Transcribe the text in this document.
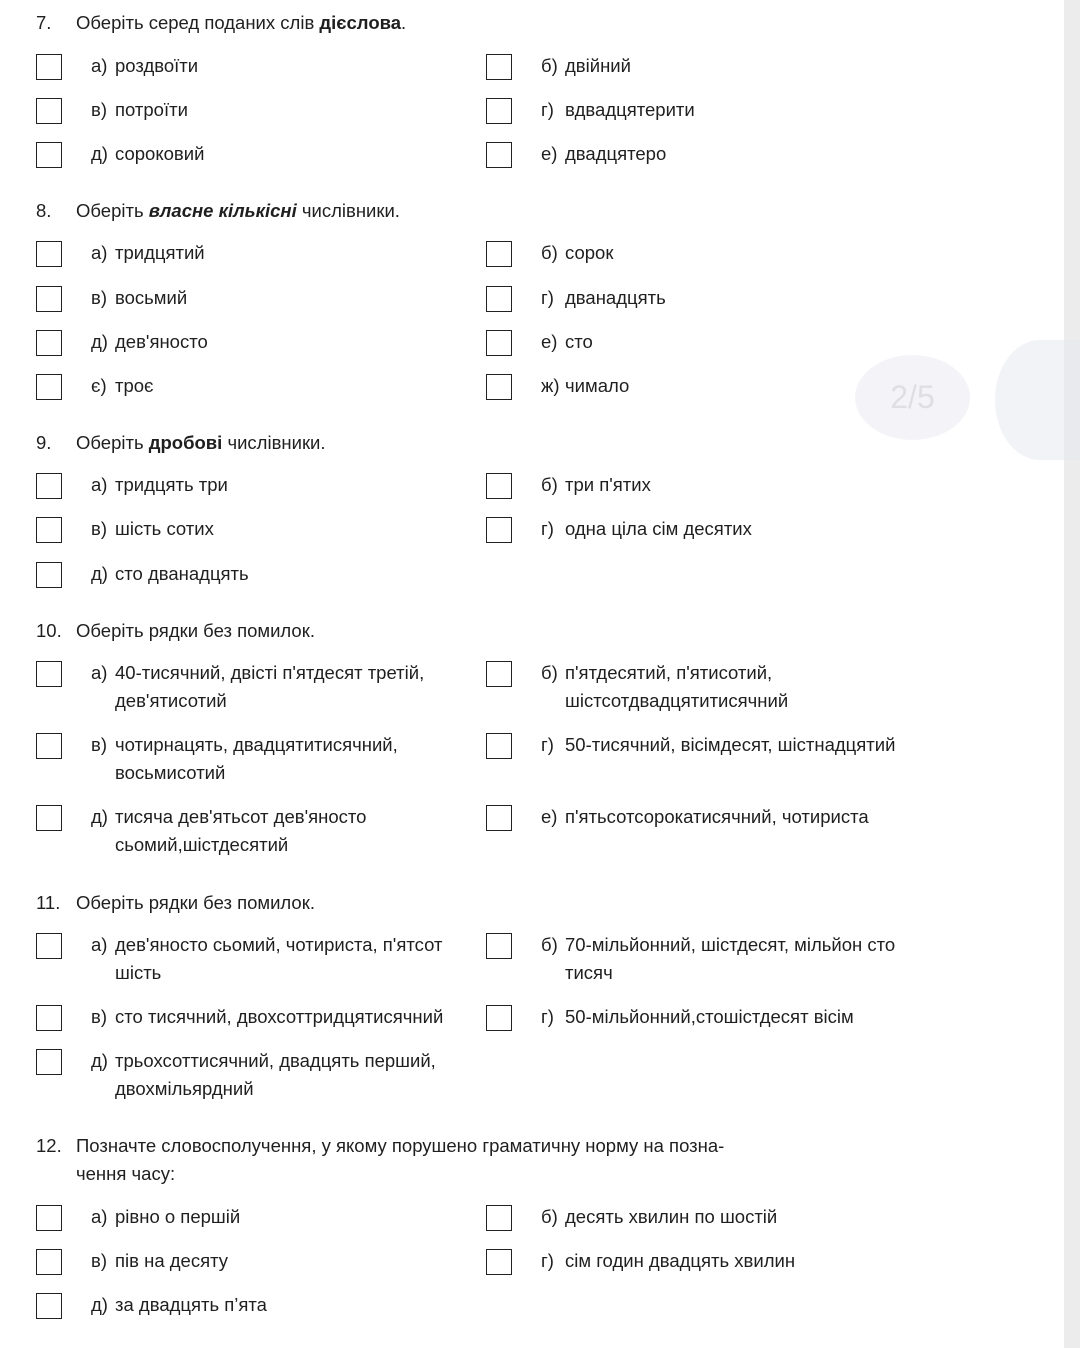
2/5
7. Оберіть серед поданих слів дієслова.
а) роздвоїти	б) двійний
в) потроїти	г) вдвадцятерити
д) сороковий	е) двадцятеро
8. Оберіть власне кількісні числівники.
а) тридцятий	б) сорок
в) восьмий	г) дванадцять
д) дев'яносто	е) сто
є) троє	ж) чимало
9. Оберіть дробові числівники.
а) тридцять три	б) три п'ятих
в) шість сотих	г) одна ціла сім десятих
д) сто дванадцять
10. Оберіть рядки без помилок.
а) 40-тисячний, двісті п'ятдесят третій,
дев'ятисотий
б) п'ятдесятий, п'ятисотий,
шістсотдвадцятитисячний
в) чотирнацять, двадцятитисячний,
восьмисотий
г) 50-тисячний, вісімдесят, шістнадцятий
д) тисяча дев'ятьсот дев'яносто
сьомий,шістдесятий
е) п'ятьсотсорокатисячний, чотириста
11. Оберіть рядки без помилок.
а) дев'яносто сьомий, чотириста, п'ятсот
шість
б) 70-мільйонний, шістдесят, мільйон сто
тисяч
в) сто тисячний, двохсоттридцятисячний	г) 50-мільйонний,стошістдесят вісім
д) трьохсоттисячний, двадцять перший,
двохмільярдний
12. Позначте словосполучення, у якому порушено граматичну норму на позна-
чення часу:
а) рівно о першій	б) десять хвилин по шостій
в) пів на десяту	г) сім годин двадцять хвилин
д) за двадцять п’ята
